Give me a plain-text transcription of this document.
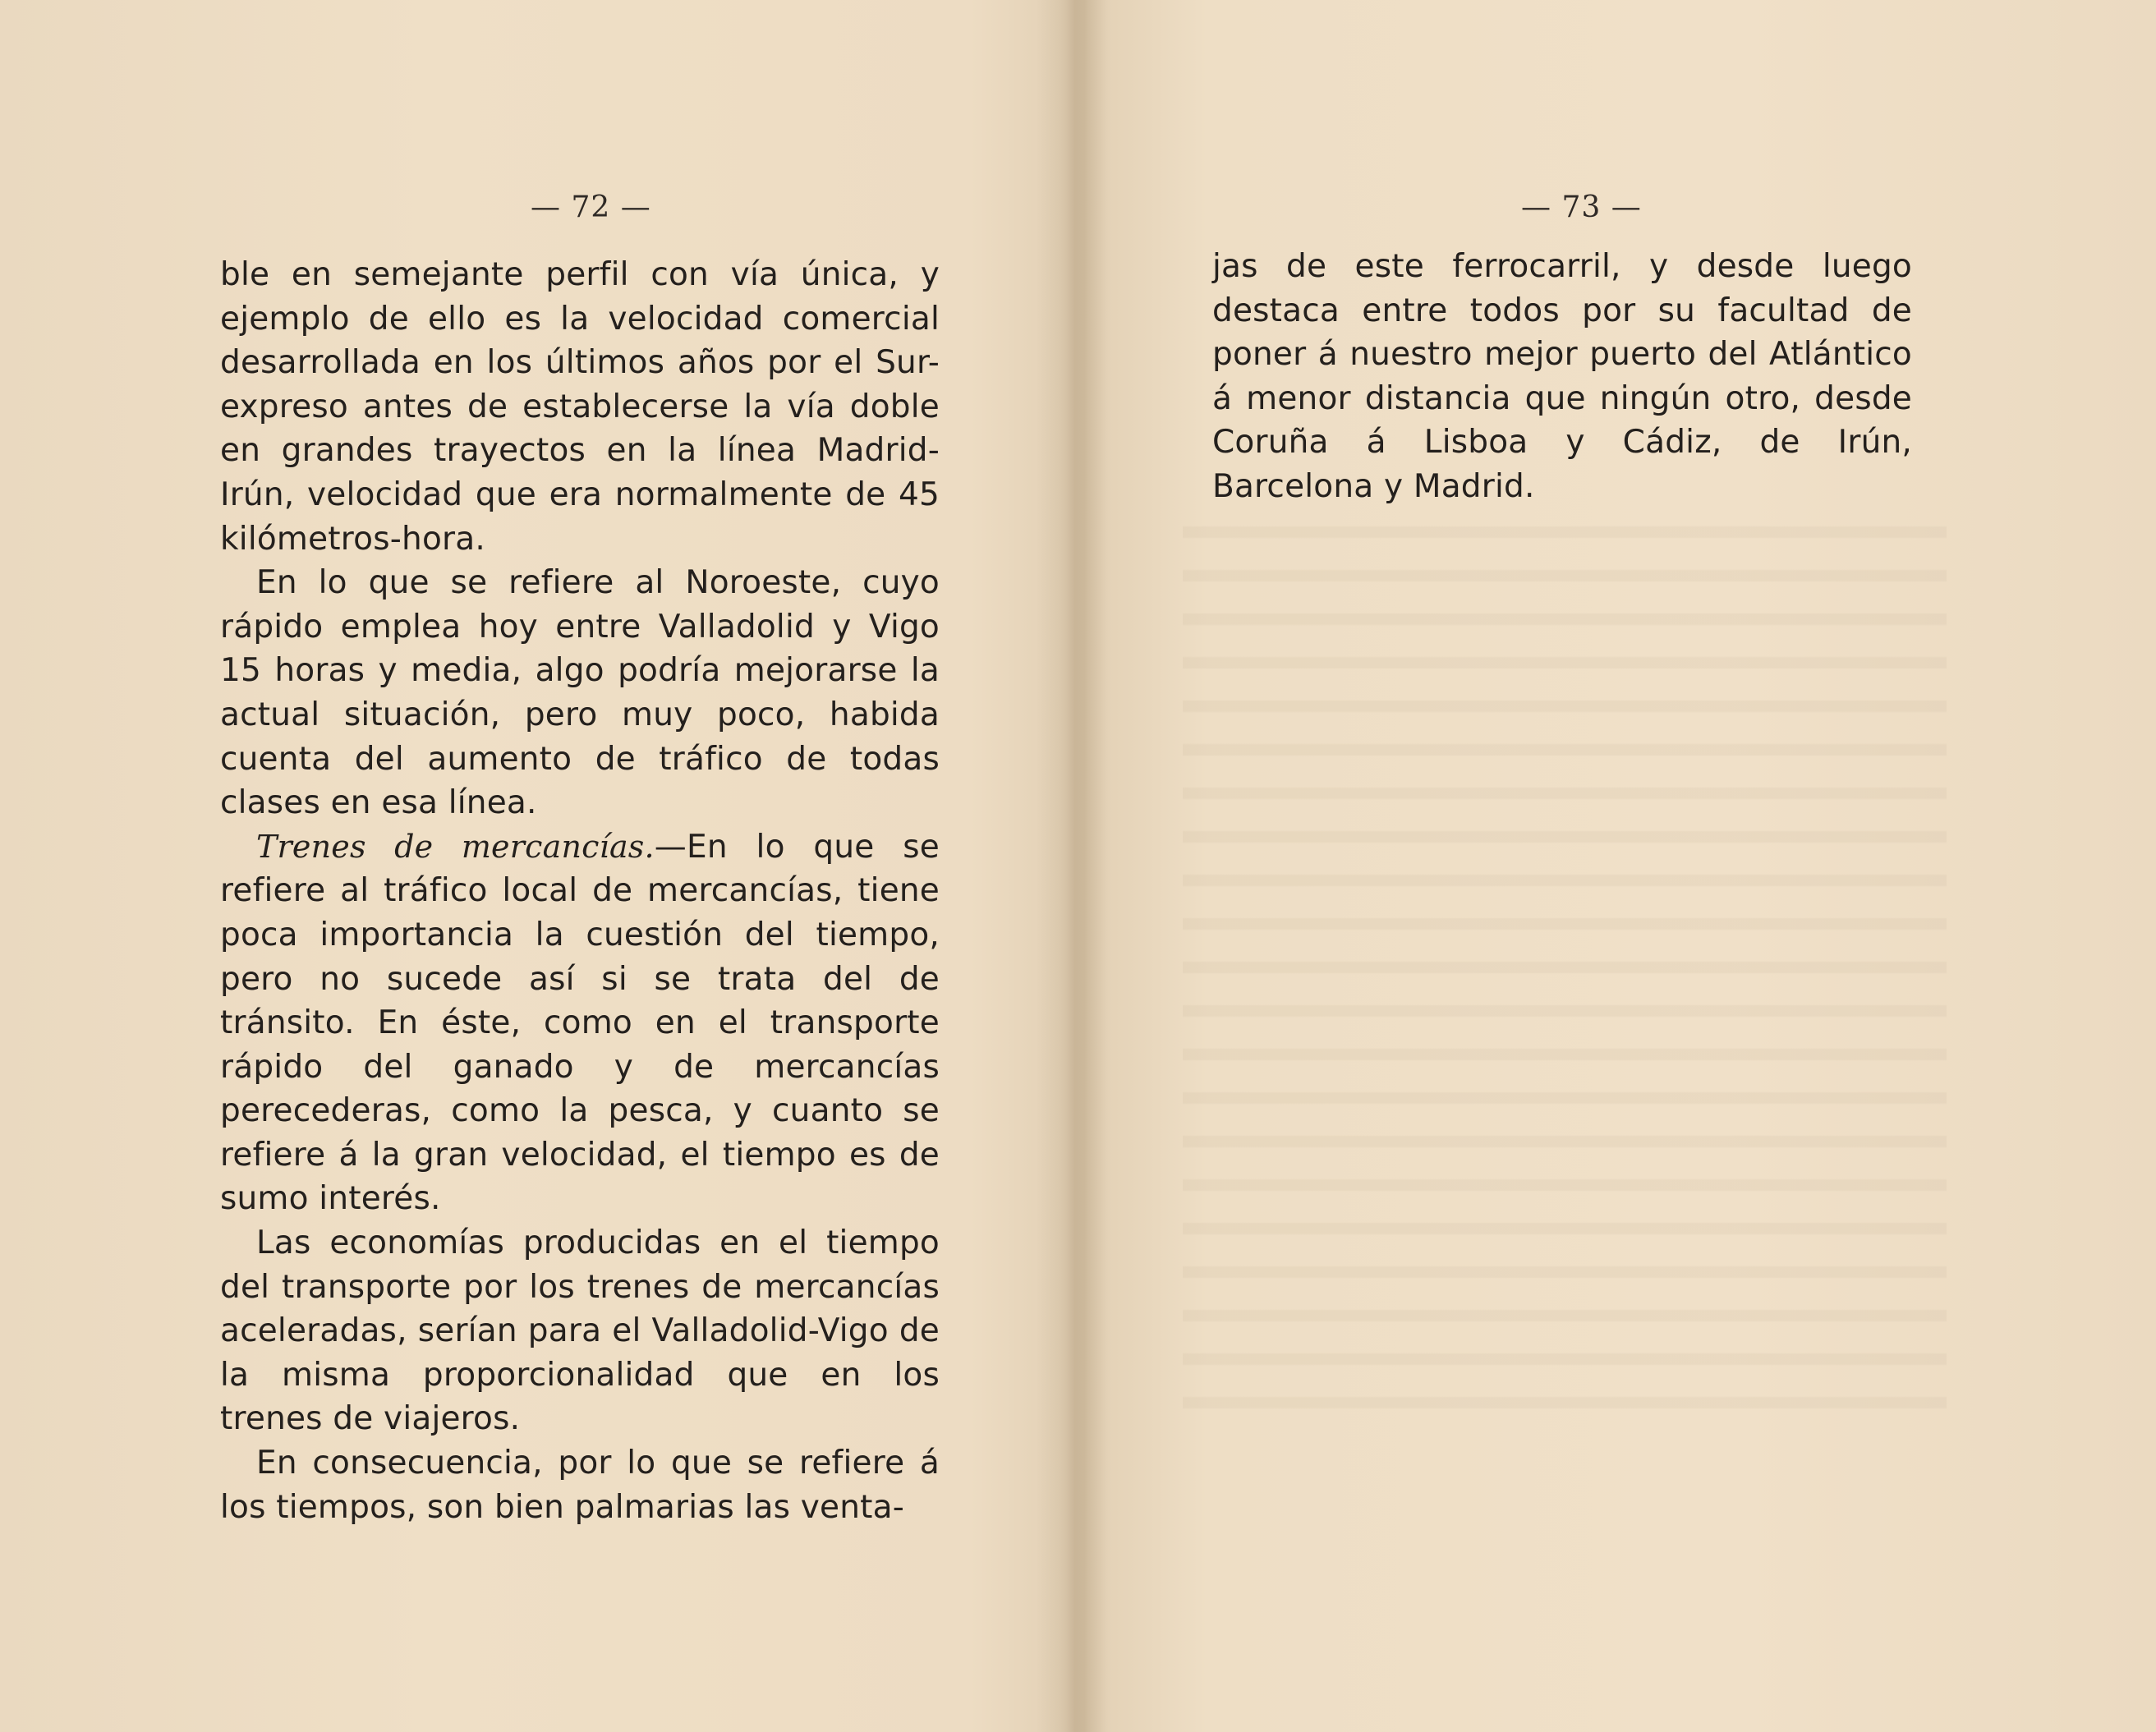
— 72 —

ble en semejante perfil con vía única, y ejemplo de ello es la velocidad comercial desarrollada en los últimos años por el Sur-expreso antes de establecerse la vía doble en grandes trayectos en la línea Madrid-Irún, velocidad que era normalmente de 45 kilómetros-hora.

En lo que se refiere al Noroeste, cuyo rápido emplea hoy entre Valladolid y Vigo 15 horas y media, algo podría mejorarse la actual situación, pero muy poco, habida cuenta del aumento de tráfico de todas clases en esa línea.

Trenes de mercancías.—En lo que se refiere al tráfico local de mercancías, tiene poca importancia la cuestión del tiempo, pero no sucede así si se trata del de tránsito. En éste, como en el transporte rápido del ganado y de mercancías perecederas, como la pesca, y cuanto se refiere á la gran velocidad, el tiempo es de sumo interés.

Las economías producidas en el tiempo del transporte por los trenes de mercancías aceleradas, serían para el Valladolid-Vigo de la misma proporcionalidad que en los trenes de viajeros.

En consecuencia, por lo que se refiere á los tiempos, son bien palmarias las venta-

— 73 —

jas de este ferrocarril, y desde luego destaca entre todos por su facultad de poner á nuestro mejor puerto del Atlántico á menor distancia que ningún otro, desde Coruña á Lisboa y Cádiz, de Irún, Barcelona y Madrid.
